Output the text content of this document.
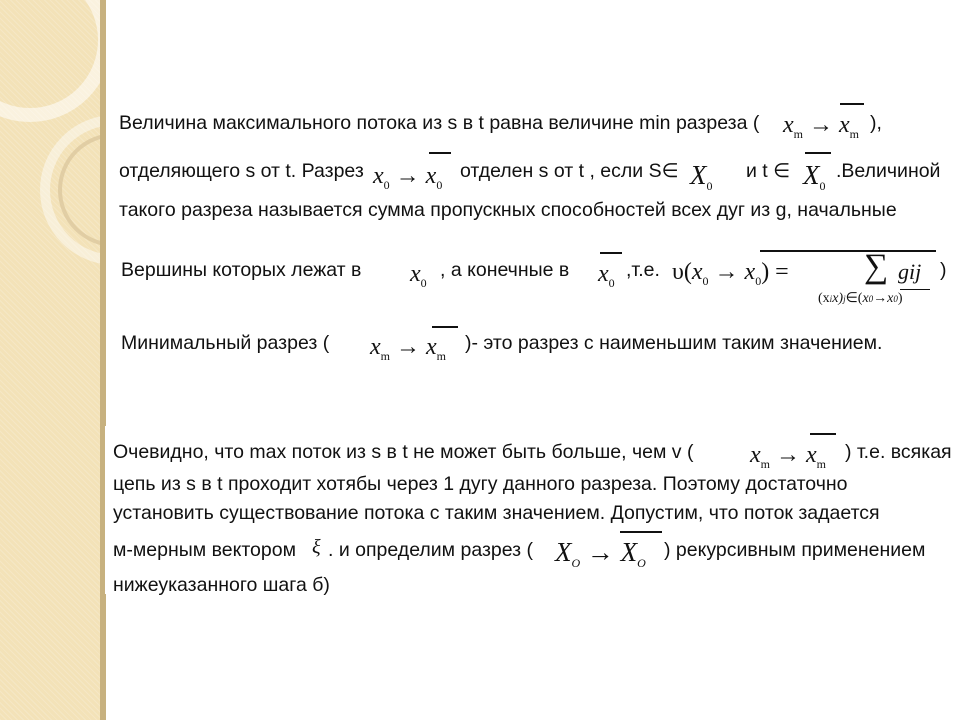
Величина максимального потока из s в t равна величине min разреза ( $x_m \to x_m$ ),
отделяющего s от t. Разрез $x_0 \to x_0$
отделен s от t , если S∈ $X_0$
и t ∈ $X_0$
.Величиной
такого разреза называется сумма пропускных способностей всех дуг из g, начальные
Вершины которых лежат в $x_0$
, а конечные в $x_0$
,т.е. $\upsilon(x_0 \to x_0)$ = ∑ gij )
(xix)j∈(x0→x0)
Минимальный разрез ( $x_m \to x_m$
)- это разрез с наименьшим таким значением.
Очевидно, что max поток из s в t не может быть больше, чем v ( $x_m \to x_m$
) т.е. всякая
цепь из s в t проходит хотябы через 1 дугу данного разреза. Поэтому достаточно
установить существование потока с таким значением. Допустим, что поток задается
м-мерным вектором ξ . и определим разрез ( $X_O \to X_O$
) рекурсивным применением
нижеуказанного шага б)
